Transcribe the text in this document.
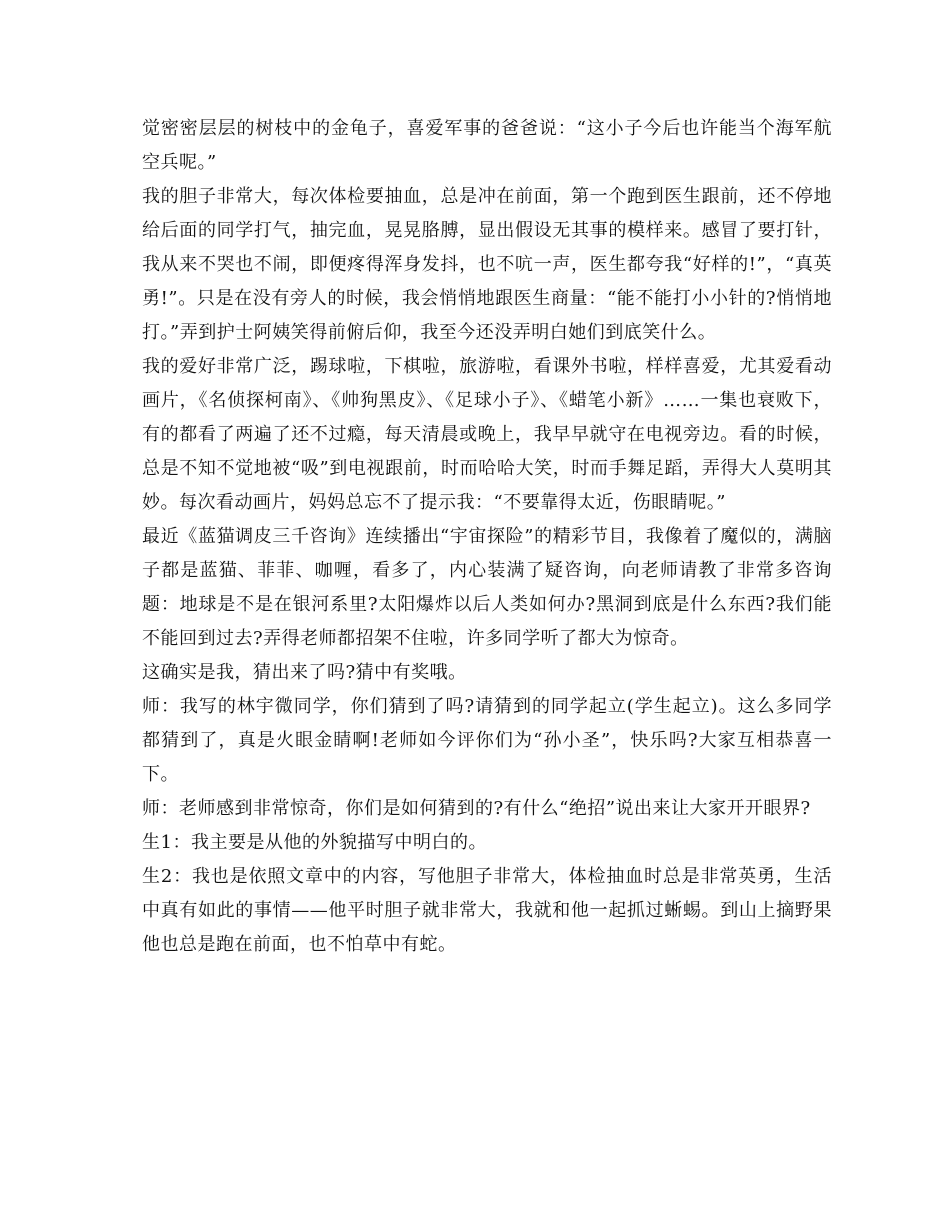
觉密密层层的树枝中的金龟子，喜爱军事的爸爸说：“这小子今后也许能当个海军航空兵呢。”

我的胆子非常大，每次体检要抽血，总是冲在前面，第一个跑到医生跟前，还不停地给后面的同学打气，抽完血，晃晃胳膊，显出假设无其事的模样来。感冒了要打针，我从来不哭也不闹，即便疼得浑身发抖，也不吭一声，医生都夸我“好样的!”，“真英勇!”。只是在没有旁人的时候，我会悄悄地跟医生商量：“能不能打小小针的?悄悄地打。”弄到护士阿姨笑得前俯后仰，我至今还没弄明白她们到底笑什么。

我的爱好非常广泛，踢球啦，下棋啦，旅游啦，看课外书啦，样样喜爱，尤其爱看动画片，《名侦探柯南》、《帅狗黑皮》、《足球小子》、《蜡笔小新》……一集也衰败下，有的都看了两遍了还不过瘾，每天清晨或晚上，我早早就守在电视旁边。看的时候，总是不知不觉地被“吸”到电视跟前，时而哈哈大笑，时而手舞足蹈，弄得大人莫明其妙。每次看动画片，妈妈总忘不了提示我：“不要靠得太近，伤眼睛呢。”

最近《蓝猫调皮三千咨询》连续播出“宇宙探险”的精彩节目，我像着了魔似的，满脑子都是蓝猫、菲菲、咖喱，看多了，内心装满了疑咨询，向老师请教了非常多咨询题：地球是不是在银河系里?太阳爆炸以后人类如何办?黑洞到底是什么东西?我们能不能回到过去?弄得老师都招架不住啦，许多同学听了都大为惊奇。

这确实是我，猜出来了吗?猜中有奖哦。

师：我写的林宇微同学，你们猜到了吗?请猜到的同学起立(学生起立)。这么多同学都猜到了，真是火眼金睛啊!老师如今评你们为“孙小圣”，快乐吗?大家互相恭喜一下。

师：老师感到非常惊奇，你们是如何猜到的?有什么“绝招”说出来让大家开开眼界?

生1：我主要是从他的外貌描写中明白的。

生2：我也是依照文章中的内容，写他胆子非常大，体检抽血时总是非常英勇，生活中真有如此的事情——他平时胆子就非常大，我就和他一起抓过蜥蜴。到山上摘野果他也总是跑在前面，也不怕草中有蛇。
